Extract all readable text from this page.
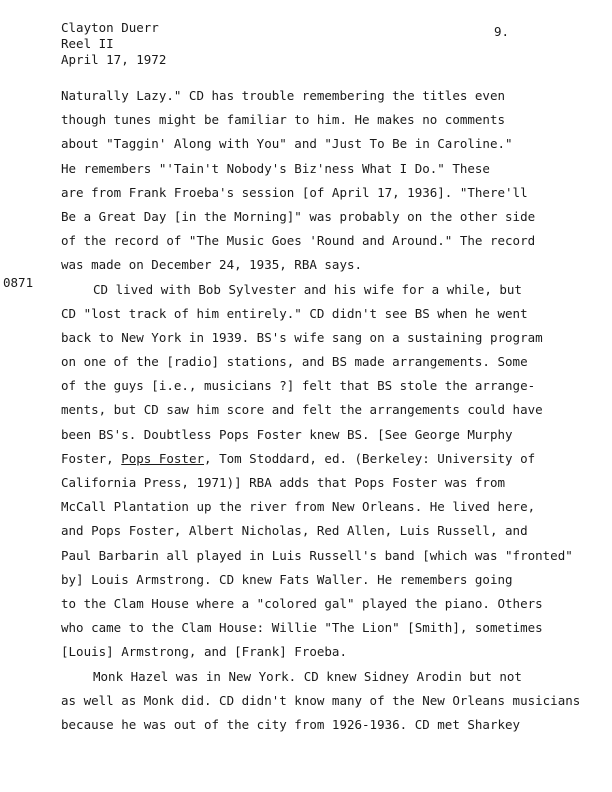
Clayton Duerr
Reel II
April 17, 1972
9.
0871
Naturally Lazy." CD has trouble remembering the titles even
though tunes might be familiar to him. He makes no comments
about "Taggin' Along with You" and "Just To Be in Caroline."
He remembers "'Tain't Nobody's Biz'ness What I Do." These
are from Frank Froeba's session [of April 17, 1936]. "There'll
Be a Great Day [in the Morning]" was probably on the other side
of the record of "The Music Goes 'Round and Around." The record
was made on December 24, 1935, RBA says.
CD lived with Bob Sylvester and his wife for a while, but
CD "lost track of him entirely." CD didn't see BS when he went
back to New York in 1939. BS's wife sang on a sustaining program
on one of the [radio] stations, and BS made arrangements. Some
of the guys [i.e., musicians ?] felt that BS stole the arrange-
ments, but CD saw him score and felt the arrangements could have
been BS's. Doubtless Pops Foster knew BS. [See George Murphy
Foster, Pops Foster, Tom Stoddard, ed. (Berkeley: University of
California Press, 1971)] RBA adds that Pops Foster was from
McCall Plantation up the river from New Orleans. He lived here,
and Pops Foster, Albert Nicholas, Red Allen, Luis Russell, and
Paul Barbarin all played in Luis Russell's band [which was "fronted"
by] Louis Armstrong. CD knew Fats Waller. He remembers going
to the Clam House where a "colored gal" played the piano. Others
who came to the Clam House: Willie "The Lion" [Smith], sometimes
[Louis] Armstrong, and [Frank] Froeba.
Monk Hazel was in New York. CD knew Sidney Arodin but not
as well as Monk did. CD didn't know many of the New Orleans musicians
because he was out of the city from 1926-1936. CD met Sharkey
